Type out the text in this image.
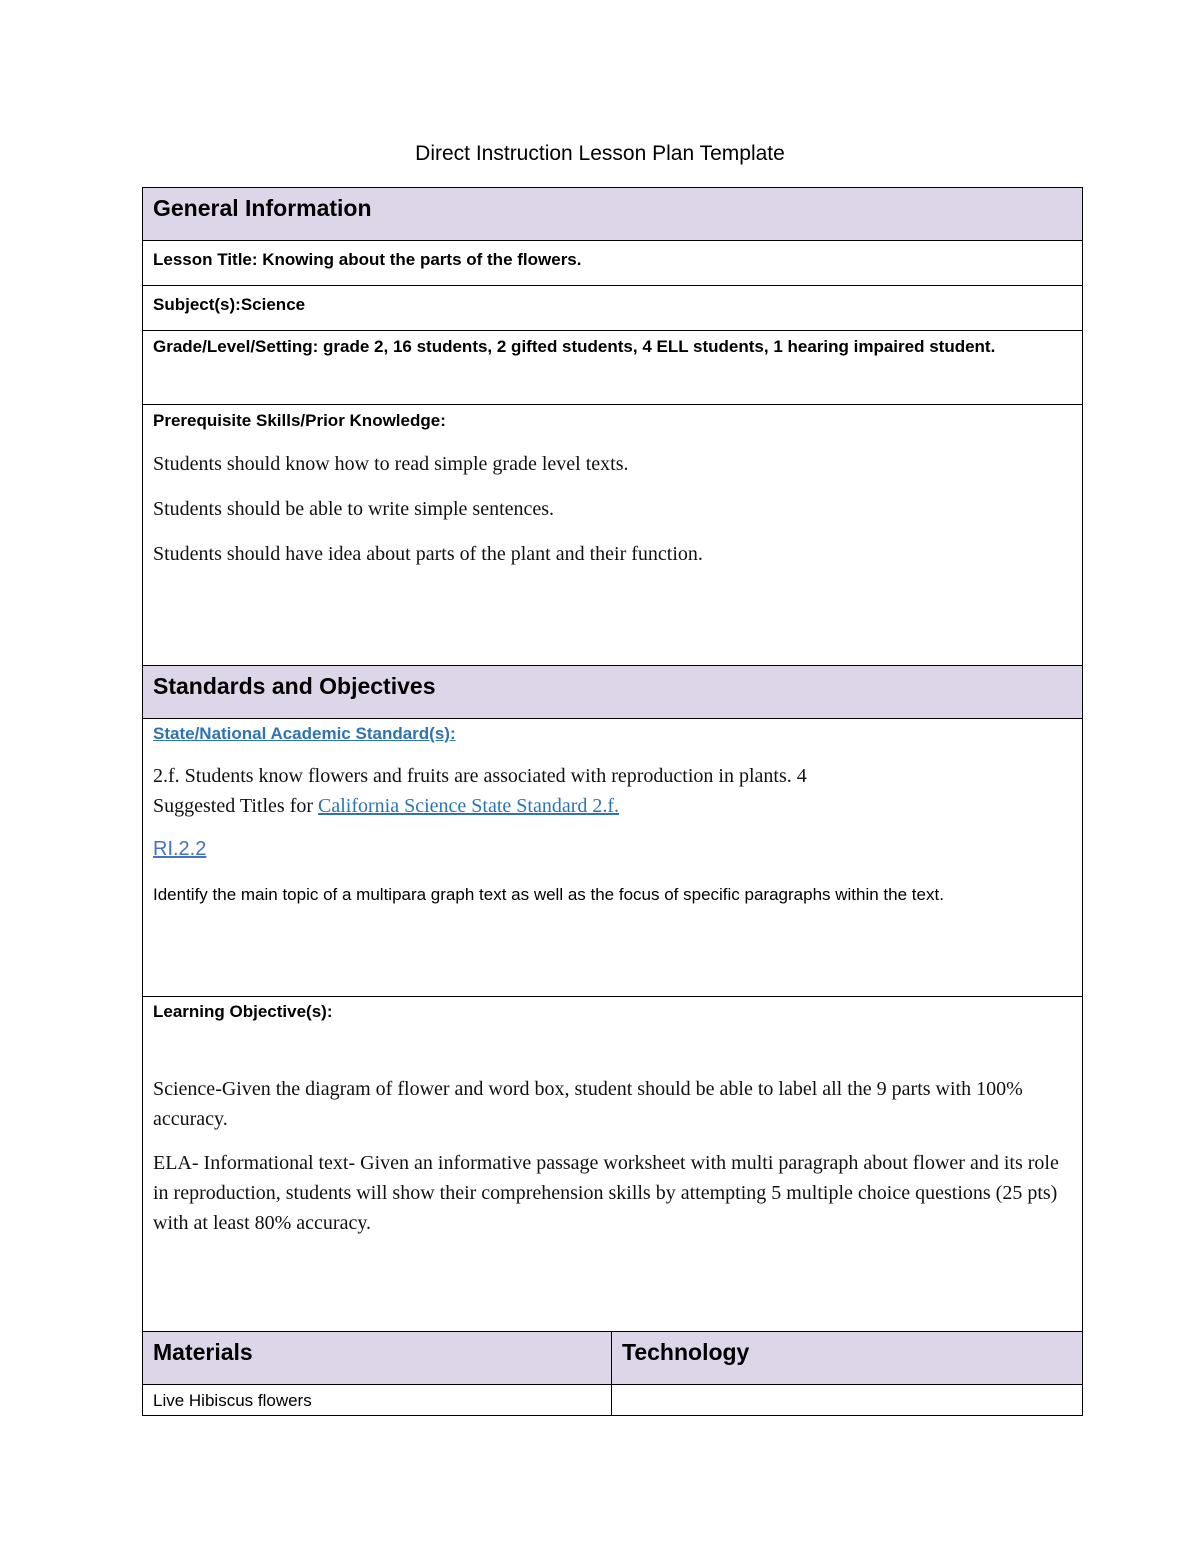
Direct Instruction Lesson Plan Template
General Information	

Lesson Title: Knowing about the parts of the flowers.	

Subject(s):Science	

Grade/Level/Setting: grade 2, 16 students, 2 gifted students, 4 ELL students, 1 hearing impaired student.	

Prerequisite Skills/Prior Knowledge:
Students should know how to read simple grade level texts.
Students should be able to write simple sentences.
Students should have idea about parts of the plant and their function.	

Standards and Objectives	

State/National Academic Standard(s):
2.f. Students know flowers and fruits are associated with reproduction in plants. 4
Suggested Titles for California Science State Standard 2.f.
RI.2.2
Identify the main topic of a multipara graph text as well as the focus of specific paragraphs within the text.	

Learning Objective(s):
Science-Given the diagram of flower and word box, student should be able to label all the 9 parts with 100% accuracy.
ELA- Informational text- Given an informative passage worksheet with multi paragraph about flower and its role in reproduction, students will show their comprehension skills by attempting 5 multiple choice questions (25 pts) with at least 80% accuracy.	

Materials	Technology

Live Hibiscus flowers	
